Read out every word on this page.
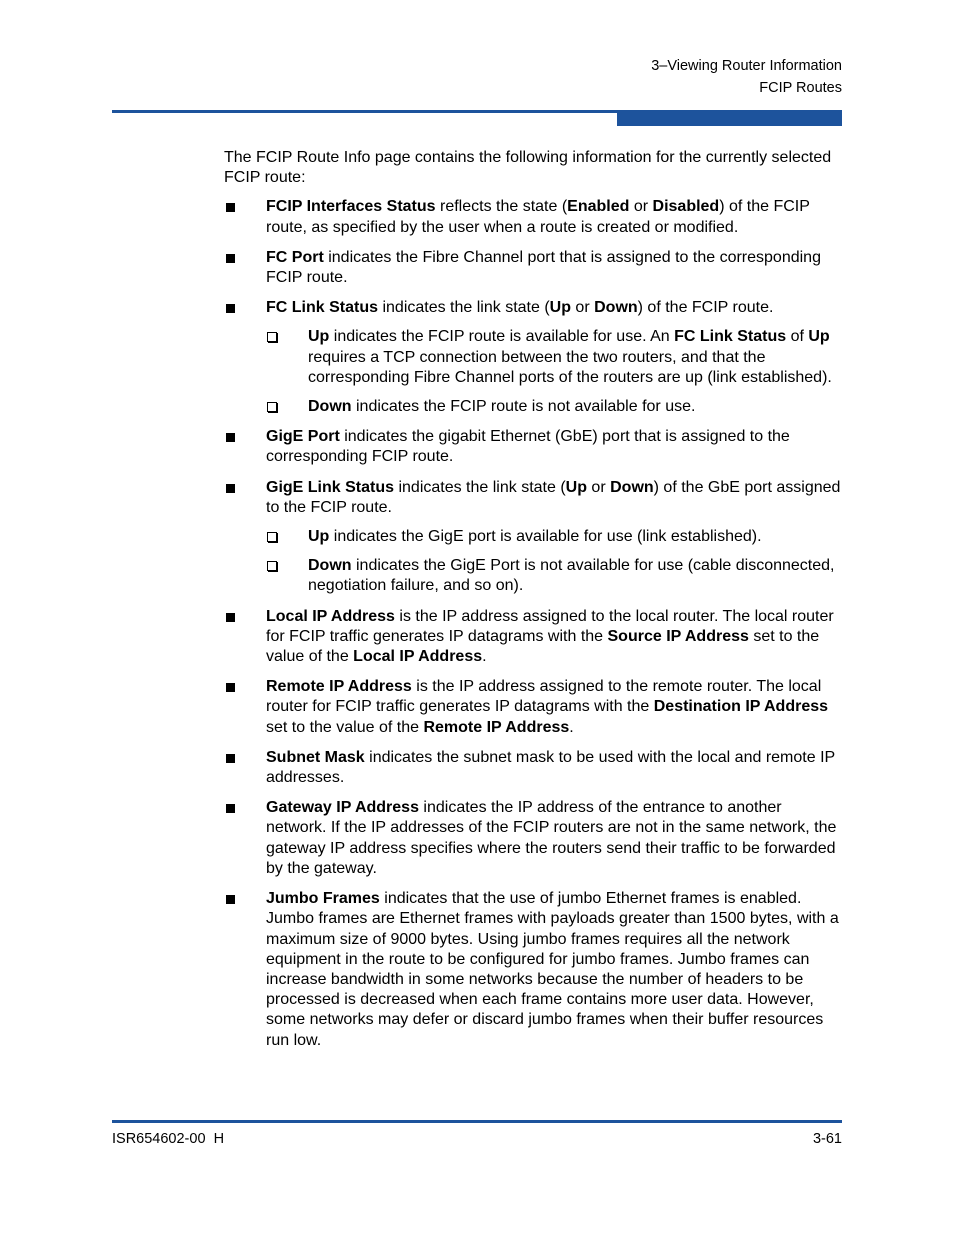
3–Viewing Router Information
FCIP Routes

The FCIP Route Info page contains the following information for the currently selected FCIP route:

FCIP Interfaces Status reflects the state (Enabled or Disabled) of the FCIP route, as specified by the user when a route is created or modified.
FC Port indicates the Fibre Channel port that is assigned to the corresponding FCIP route.
FC Link Status indicates the link state (Up or Down) of the FCIP route.
Up indicates the FCIP route is available for use. An FC Link Status of Up requires a TCP connection between the two routers, and that the corresponding Fibre Channel ports of the routers are up (link established).
Down indicates the FCIP route is not available for use.
GigE Port indicates the gigabit Ethernet (GbE) port that is assigned to the corresponding FCIP route.
GigE Link Status indicates the link state (Up or Down) of the GbE port assigned to the FCIP route.
Up indicates the GigE port is available for use (link established).
Down indicates the GigE Port is not available for use (cable disconnected, negotiation failure, and so on).
Local IP Address is the IP address assigned to the local router. The local router for FCIP traffic generates IP datagrams with the Source IP Address set to the value of the Local IP Address.
Remote IP Address is the IP address assigned to the remote router. The local router for FCIP traffic generates IP datagrams with the Destination IP Address set to the value of the Remote IP Address.
Subnet Mask indicates the subnet mask to be used with the local and remote IP addresses.
Gateway IP Address indicates the IP address of the entrance to another network. If the IP addresses of the FCIP routers are not in the same network, the gateway IP address specifies where the routers send their traffic to be forwarded by the gateway.
Jumbo Frames indicates that the use of jumbo Ethernet frames is enabled. Jumbo frames are Ethernet frames with payloads greater than 1500 bytes, with a maximum size of 9000 bytes. Using jumbo frames requires all the network equipment in the route to be configured for jumbo frames. Jumbo frames can increase bandwidth in some networks because the number of headers to be processed is decreased when each frame contains more user data. However, some networks may defer or discard jumbo frames when their buffer resources run low.
ISR654602-00  H	3-61
